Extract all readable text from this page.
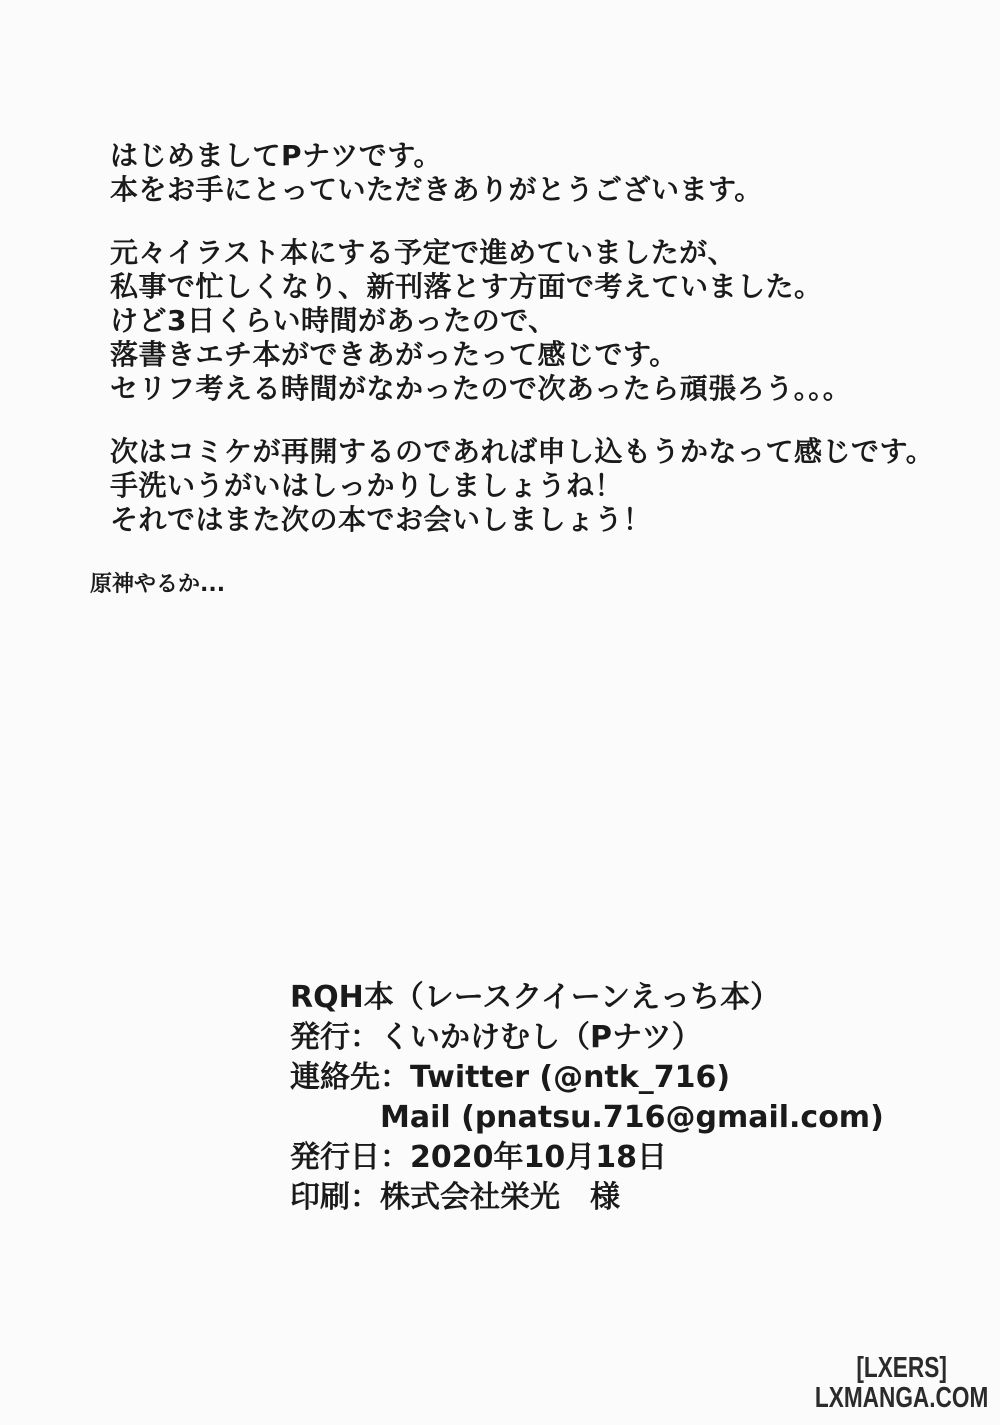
はじめましてPナツです。
本をお手にとっていただきありがとうございます。
元々イラスト本にする予定で進めていましたが、
私事で忙しくなり、新刊落とす方面で考えていました。
けど3日くらい時間があったので、
落書きエチ本ができあがったって感じです。
セリフ考える時間がなかったので次あったら頑張ろう。。。
次はコミケが再開するのであれば申し込もうかなって感じです。
手洗いうがいはしっかりしましょうね！
それではまた次の本でお会いしましょう！
原神やるか...
RQH本（レースクイーンえっち本）
発行：くいかけむし（Pナツ）
連絡先：Twitter (@ntk_716)
Mail (pnatsu.716@gmail.com)
発行日：2020年10月18日
印刷：株式会社栄光　様
[LXERS]
LXMANGA.COM
